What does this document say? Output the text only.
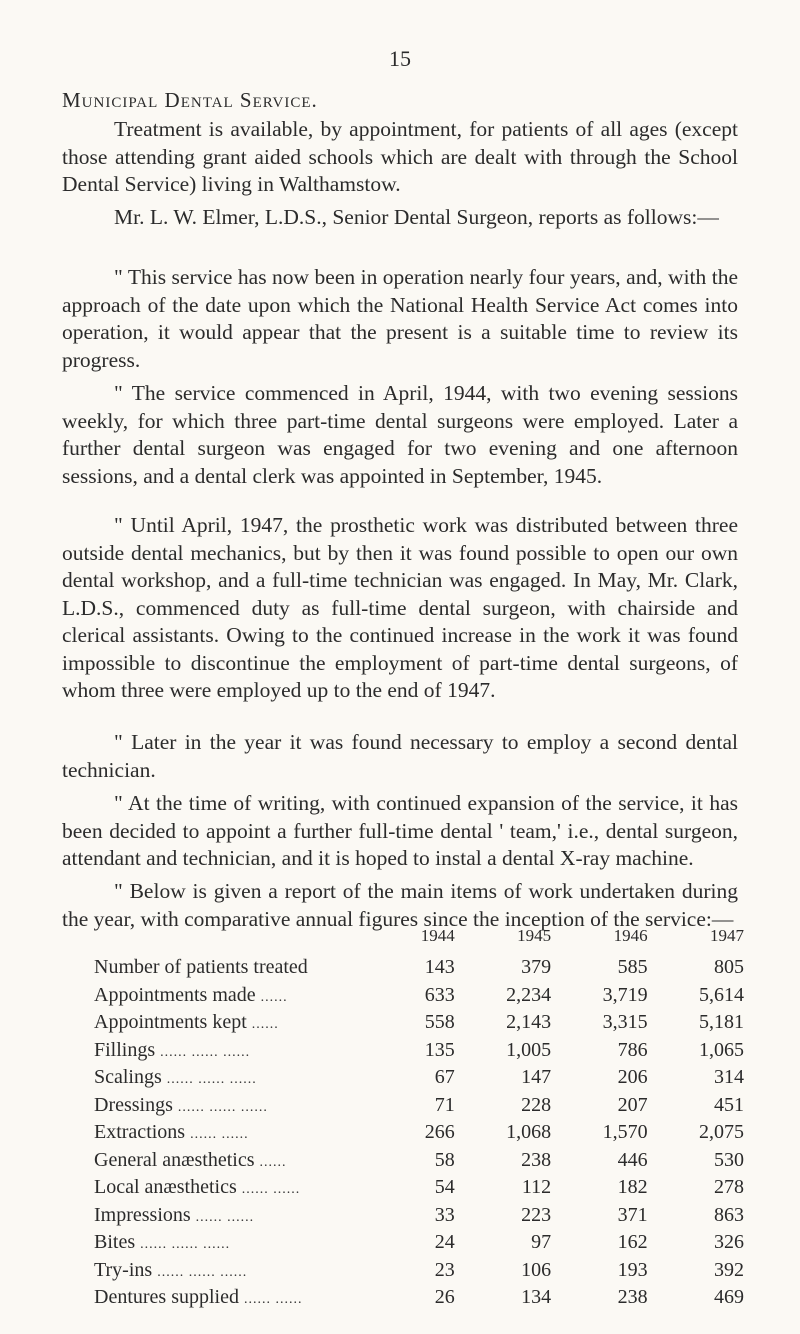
15
Municipal Dental Service.
Treatment is available, by appointment, for patients of all ages (except those attending grant aided schools which are dealt with through the School Dental Service) living in Walthamstow.
Mr. L. W. Elmer, L.D.S., Senior Dental Surgeon, reports as follows:—
" This service has now been in operation nearly four years, and, with the approach of the date upon which the National Health Service Act comes into operation, it would appear that the present is a suitable time to review its progress.
" The service commenced in April, 1944, with two evening sessions weekly, for which three part-time dental surgeons were employed. Later a further dental surgeon was engaged for two evening and one afternoon sessions, and a dental clerk was appointed in September, 1945.
" Until April, 1947, the prosthetic work was distributed between three outside dental mechanics, but by then it was found possible to open our own dental workshop, and a full-time technician was engaged. In May, Mr. Clark, L.D.S., commenced duty as full-time dental surgeon, with chairside and clerical assistants. Owing to the continued increase in the work it was found impossible to discontinue the employment of part-time dental surgeons, of whom three were employed up to the end of 1947.
" Later in the year it was found necessary to employ a second dental technician.
" At the time of writing, with continued expansion of the service, it has been decided to appoint a further full-time dental ' team,' i.e., dental surgeon, attendant and technician, and it is hoped to instal a dental X-ray machine.
" Below is given a report of the main items of work undertaken during the year, with comparative annual figures since the inception of the service:—
	1944	1945	1946	1947
Number of patients treated	143	379	585	805
Appointments made ......	633	2,234	3,719	5,614
Appointments kept ......	558	2,143	3,315	5,181
Fillings ...... ...... ......	135	1,005	786	1,065
Scalings ...... ...... ......	67	147	206	314
Dressings ...... ...... ......	71	228	207	451
Extractions ...... ......	266	1,068	1,570	2,075
General anæsthetics ......	58	238	446	530
Local anæsthetics ...... ......	54	112	182	278
Impressions ...... ......	33	223	371	863
Bites ...... ...... ......	24	97	162	326
Try-ins ...... ...... ......	23	106	193	392
Dentures supplied ...... ......	26	134	238	469
